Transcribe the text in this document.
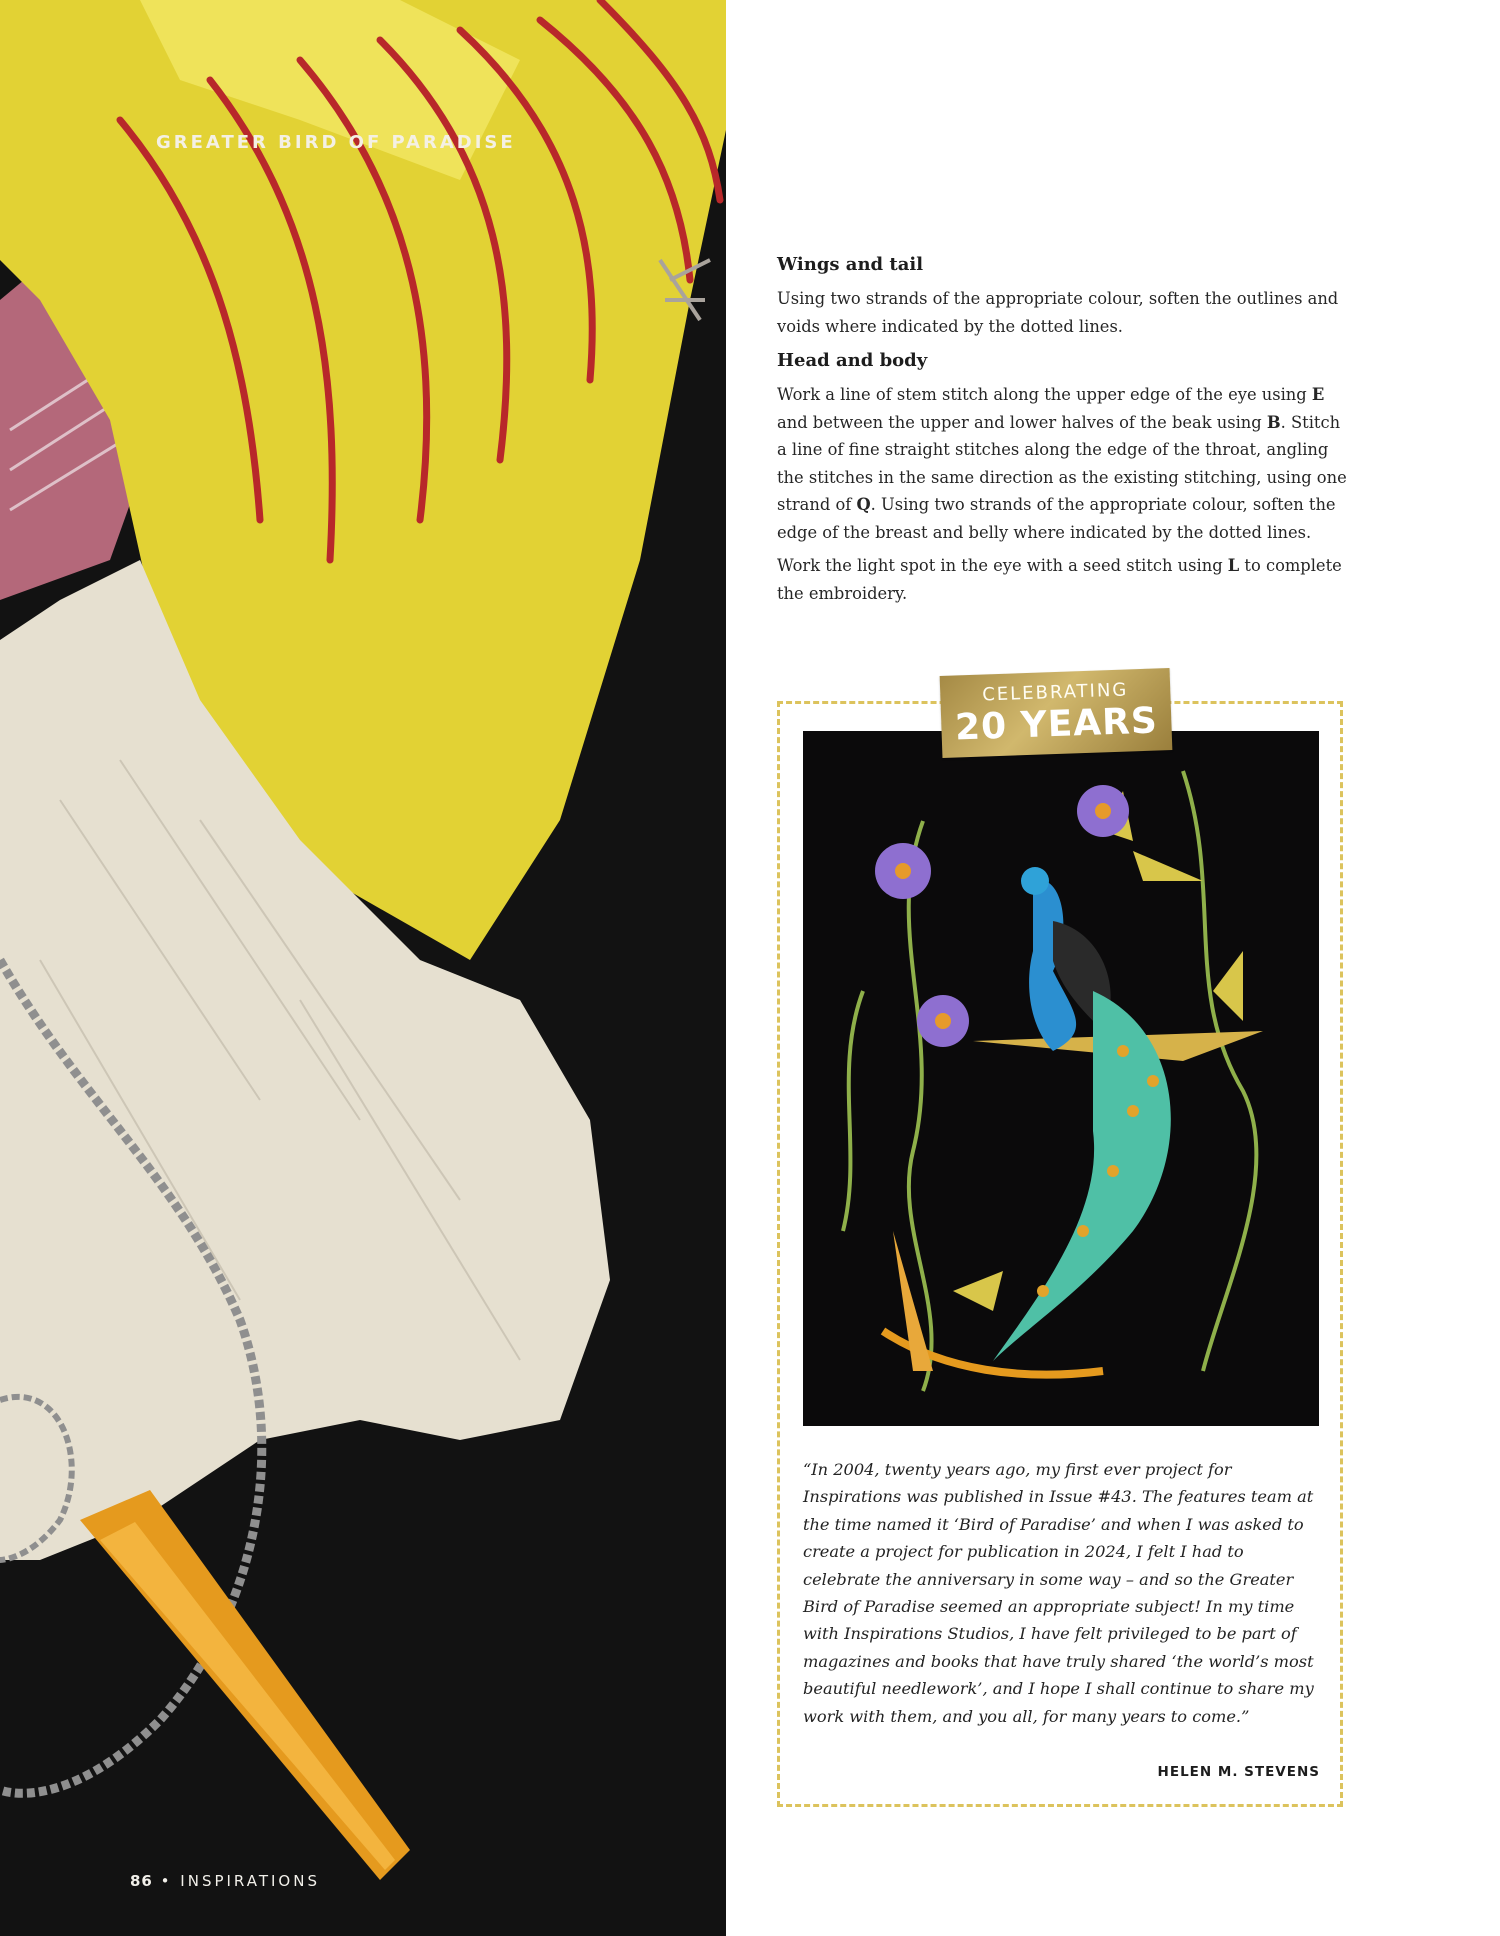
GREATER BIRD OF PARADISE
86 • INSPIRATIONS
Wings and tail

Using two strands of the appropriate colour, soften the outlines and voids where indicated by the dotted lines.

Head and body

Work a line of stem stitch along the upper edge of the eye using E and between the upper and lower halves of the beak using B. Stitch a line of fine straight stitches along the edge of the throat, angling the stitches in the same direction as the existing stitching, using one strand of Q. Using two strands of the appropriate colour, soften the edge of the breast and belly where indicated by the dotted lines.

Work the light spot in the eye with a seed stitch using L to complete the embroidery.

CELEBRATING
20 YEARS

“In 2004, twenty years ago, my first ever project for Inspirations was published in Issue #43. The features team at the time named it ‘Bird of Paradise’ and when I was asked to create a project for publication in 2024, I felt I had to celebrate the anniversary in some way – and so the Greater Bird of Paradise seemed an appropriate subject! In my time with Inspirations Studios, I have felt privileged to be part of magazines and books that have truly shared ‘the world’s most beautiful needlework’, and I hope I shall continue to share my work with them, and you all, for many years to come.”

HELEN M. STEVENS
